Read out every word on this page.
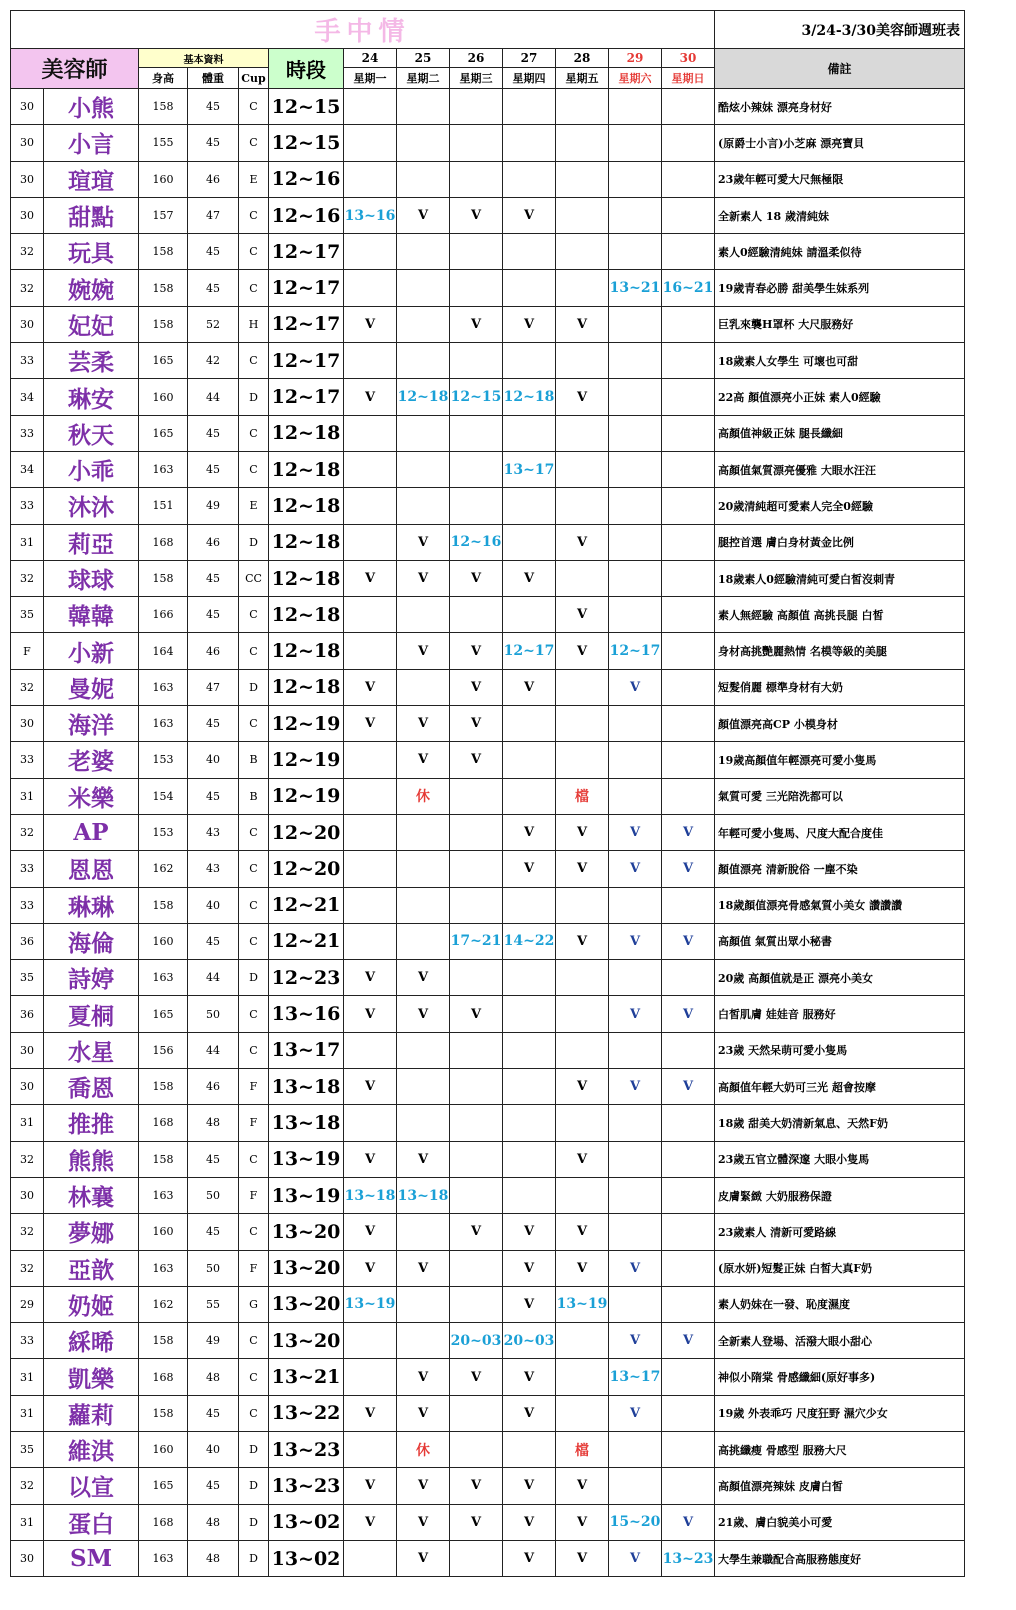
手中情													3/24-3/30美容師週班表
美容師		基本資料			時段	24	25	26	27	28	29	30	備註
		身高	體重	Cup		星期一	星期二	星期三	星期四	星期五	星期六	星期日	
30	小熊	158	45	C	12~15								酷炫小辣妹 漂亮身材好
30	小言	155	45	C	12~15								(原爵士小言)小芝麻 漂亮寶貝
30	瑄瑄	160	46	E	12~16								23歲年輕可愛大尺無極限
30	甜點	157	47	C	12~16	13~16	V	V	V				全新素人 18 歲清純妹
32	玩具	158	45	C	12~17								素人0經驗清純妹 請溫柔似待
32	婉婉	158	45	C	12~17						13~21	16~21	19歲青春必勝 甜美學生妹系列
30	妃妃	158	52	H	12~17	V		V	V	V			巨乳來襲H罩杯 大尺服務好
33	芸柔	165	42	C	12~17								18歲素人女學生 可壞也可甜
34	琳安	160	44	D	12~17	V	12~18	12~15	12~18	V			22高 顏值漂亮小正妹 素人0經驗
33	秋天	165	45	C	12~18								高顏值神級正妹 腿長纖細
34	小乖	163	45	C	12~18				13~17				高顏值氣質漂亮優雅 大眼水汪汪
33	沐沐	151	49	E	12~18								20歲清純超可愛素人完全0經驗
31	莉亞	168	46	D	12~18		V	12~16		V			腿控首選 膚白身材黃金比例
32	球球	158	45	CC	12~18	V	V	V	V				18歲素人0經驗清純可愛白皙沒刺青
35	韓韓	166	45	C	12~18					V			素人無經驗 高顏值 高挑長腿 白皙
F	小新	164	46	C	12~18		V	V	12~17	V	12~17		身材高挑艷麗熱情 名模等級的美腿
32	曼妮	163	47	D	12~18	V		V	V		V		短髮俏麗 標準身材有大奶
30	海洋	163	45	C	12~19	V	V	V					顏值漂亮高CP 小模身材
33	老婆	153	40	B	12~19		V	V					19歲高顏值年輕漂亮可愛小隻馬
31	米樂	154	45	B	12~19		休			檔			氣質可愛 三光陪洗都可以
32	AP	153	43	C	12~20				V	V	V	V	年輕可愛小隻馬、尺度大配合度佳
33	恩恩	162	43	C	12~20				V	V	V	V	顏值漂亮 清新脫俗 一塵不染
33	琳琳	158	40	C	12~21								18歲顏值漂亮骨感氣質小美女 讚讚讚
36	海倫	160	45	C	12~21			17~21	14~22	V	V	V	高顏值 氣質出眾小秘書
35	詩婷	163	44	D	12~23	V	V						20歲 高顏值就是正 漂亮小美女
36	夏桐	165	50	C	13~16	V	V	V			V	V	白皙肌膚 娃娃音 服務好
30	水星	156	44	C	13~17								23歲 天然呆萌可愛小隻馬
30	喬恩	158	46	F	13~18	V				V	V	V	高顏值年輕大奶可三光 超會按摩
31	推推	168	48	F	13~18								18歲 甜美大奶清新氣息、天然F奶
32	熊熊	158	45	C	13~19	V	V			V			23歲五官立體深邃 大眼小隻馬
30	林襄	163	50	F	13~19	13~18	13~18						皮膚緊緻 大奶服務保證
32	夢娜	160	45	C	13~20	V		V	V	V			23歲素人 清新可愛路線
32	亞歆	163	50	F	13~20	V	V		V	V	V		(原水妍)短髮正妹 白皙大真F奶
29	奶姬	162	55	G	13~20	13~19			V	13~19			素人奶妹在一發、恥度濕度
33	綵晞	158	49	C	13~20			20~03	20~03		V	V	全新素人登場、活潑大眼小甜心
31	凱樂	168	48	C	13~21		V	V	V		13~17		神似小隋棠 骨感纖細(原好事多)
31	蘿莉	158	45	C	13~22	V	V		V		V		19歲 外表乖巧 尺度狂野 濕穴少女
35	維淇	160	40	D	13~23		休			檔			高挑纖瘦 骨感型 服務大尺
32	以宣	165	45	D	13~23	V	V	V	V	V			高顏值漂亮辣妹 皮膚白皙
31	蛋白	168	48	D	13~02	V	V	V	V	V	15~20	V	21歲、膚白貌美小可愛
30	SM	163	48	D	13~02		V		V	V	V	13~23	大學生兼職配合高服務態度好
